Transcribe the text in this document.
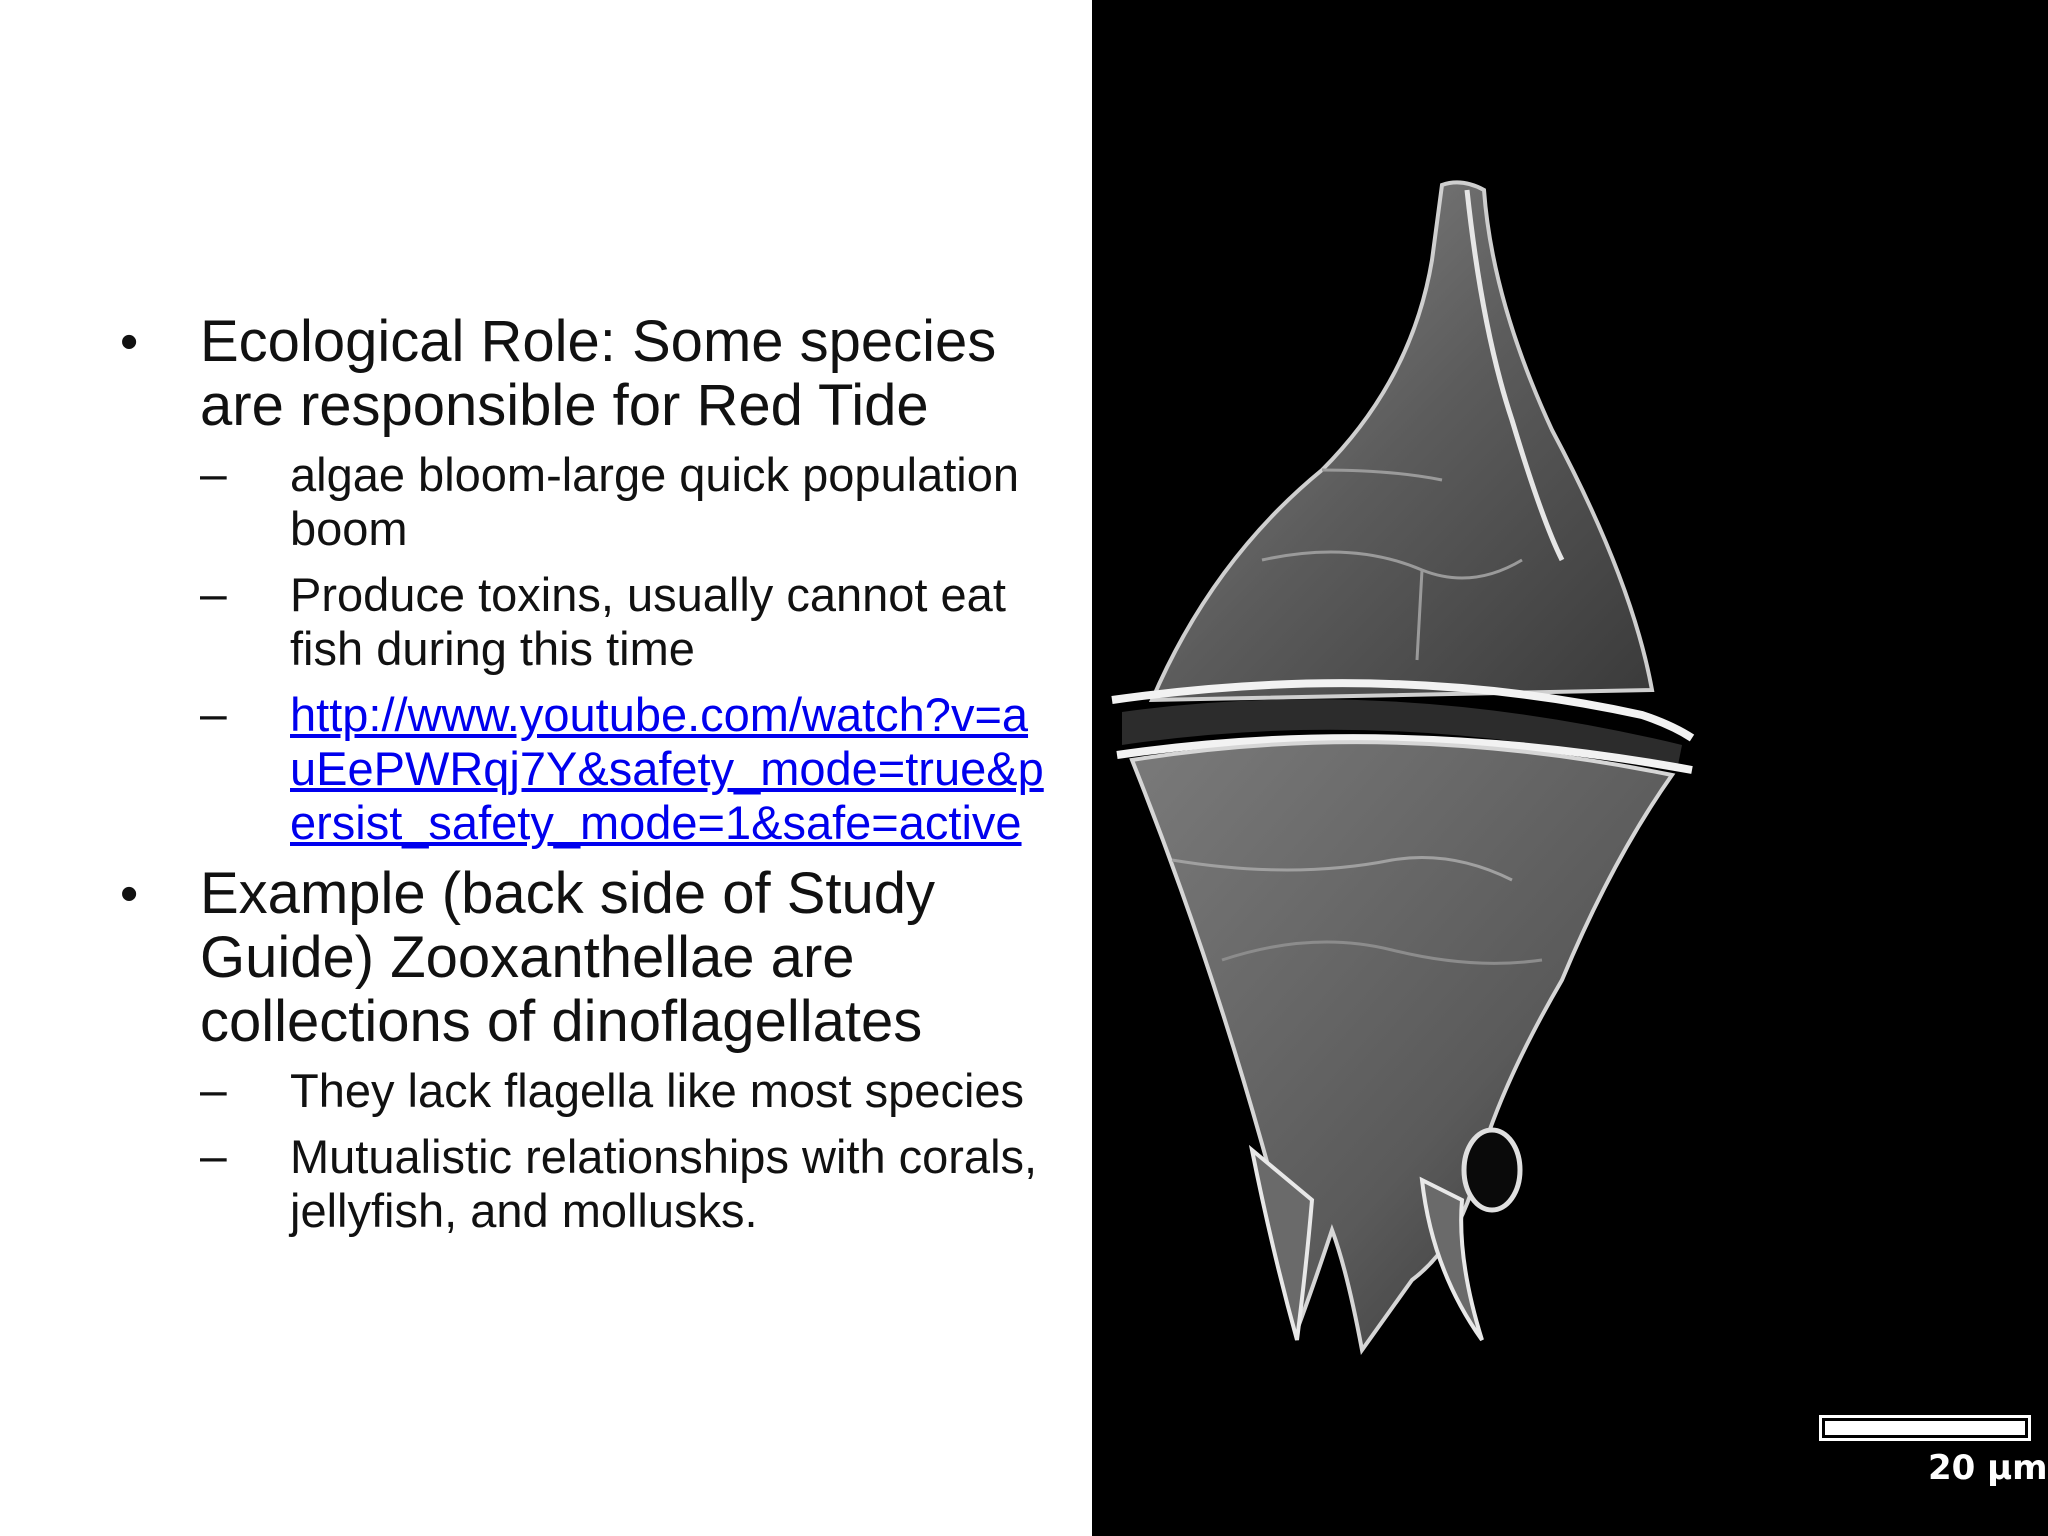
• Ecological Role: Some species are responsible for Red Tide
– algae bloom-large quick population boom
– Produce toxins, usually cannot eat fish during this time
– http://www.youtube.com/watch?v=auEePWRqj7Y&safety_mode=true&persist_safety_mode=1&safe=active
• Example (back side of Study Guide) Zooxanthellae are collections of dinoflagellates
– They lack flagella like most species
– Mutualistic relationships with corals, jellyfish, and mollusks.
20 µm
